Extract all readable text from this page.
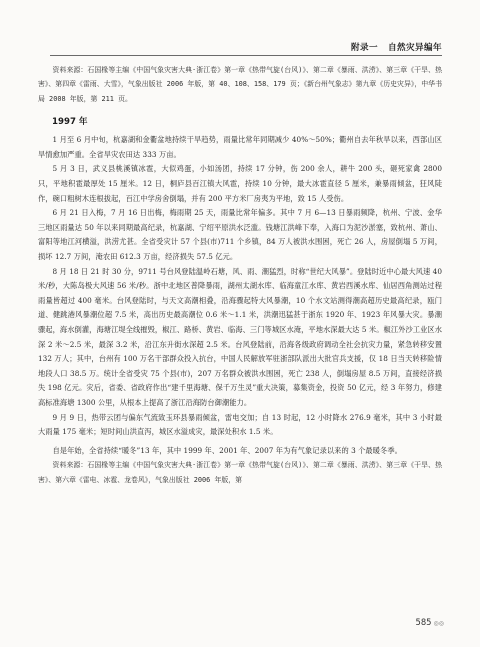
附录一 自然灾异编年

资料来源：石国椽等主编《中国气象灾害大典·浙江卷》第一章《热带气旋(台风)》、第二章《暴雨、洪涝》、第三章《干旱、热害》、第四章《雷雨、大雪》，气象出版社 2006 年版，第 40、108、158、179 页；《新台州气象志》第九章《历史灾异》，中华书局 2008 年版，第 211 页。

1997 年

1 月至 6 月中旬，杭嘉湖和金衢盆地持续干旱趋势，雨量比常年同期减少 40%～50%；衢州自去年秋旱以来，西部山区旱情愈加严重。全省旱灾农田达 333 万亩。

5 月 3 日，武义县桃溪镇冰雹，大似鸡蛋，小如汤团，持续 17 分钟，伤 200 余人，耕牛 200 头，砸死家禽 2800 只，平地积雹最厚处 15 厘米。12 日，桐庐县百江镇大风雹，持续 10 分钟，最大冰雹直径 5 厘米，兼暴雨倾盆，狂风陡作，碗口粗树木连根拔起，百江中学房舍倒塌，并有 200 平方米厂房夷为平地，致 15 人受伤。

6 月 21 日入梅，7 月 16 日出梅，梅雨期 25 天，雨量比常年偏多。其中 7 月 6—13 日暴雨频降，杭州、宁波、金华三地区雨量达 50 年以来同期最高纪录，杭嘉湖、宁绍平原洪水泛滥。钱塘江洪峰下奉，入海口为泥沙淤塞，致杭州、萧山、富阳等地江河横溢，洪涝尤甚。全省受灾计 57 个县(市)711 个乡镇，84 万人被洪水围困，死亡 26 人，房屋倒塌 5 万间，损坏 12.7 万间，淹农田 612.3 万亩，经济损失 57.5 亿元。

8 月 18 日 21 时 30 分，9711 号台风登陆温岭石塘，风、雨、潮猛烈，时称“世纪大风暴”。登陆时近中心最大风速 40 米/秒，大陈岛极大风速 56 米/秒。浙中北地区普降暴雨，湖州太湖水库、临海童江水库、黄岩西溪水库、仙居西角测站过程雨量皆超过 400 毫米。台风登陆时，与天文高潮相叠，沿海骤起特大风暴潮，10 个水文站测得潮高超历史最高纪录，瓯门道、健跳港风暴潮位超 7.5 米，高出历史最高潮位 0.6 米～1.1 米，洪潮迅猛甚于浙东 1920 年、1923 年风暴大灾。暴潮骤起，海水倒灌，海塘江堤全线摧毁，椒江、路桥、黄岩、临海、三门等城区水淹，平地水深最大达 5 米。椒江外沙工业区水深 2 米～2.5 米，最深 3.2 米，沿江东升街水深超 2.5 米。台风登陆前，沿海各级政府调动全社会抗灾力量，紧急转移安置 132 万人；其中，台州有 100 万名干部群众投入抗台，中国人民解放军驻浙部队派出大批官兵支援，仅 18 日当天转移险情地段人口 38.5 万。统计全省受灾 75 个县(市)，207 万名群众被洪水围困，死亡 238 人，倒塌房屋 8.5 万间，直接经济损失 198 亿元。灾后，省委、省政府作出“建千里海塘、保千万生灵”重大决策，募集资金，投资 50 亿元，经 3 年努力，修建高标准海塘 1300 公里，从根本上提高了浙江沿海防台御潮能力。

9 月 9 日，热带云团与偏东气流致玉环县暴雨倾盆，雷电交加；自 13 时起，12 小时降水 276.9 毫米，其中 3 小时最大雨量 175 毫米；短时间山洪直泻，城区水溢成灾，最深处积水 1.5 米。

自是年始，全省持续“暖冬”13 年，其中 1999 年、2001 年、2007 年为有气象记录以来的 3 个最暖冬季。

资料来源：石国椽等主编《中国气象灾害大典·浙江卷》第一章《热带气旋(台风)》、第二章《暴雨、洪涝》、第三章《干旱、热害》、第六章《雷电、冰雹、龙卷风》，气象出版社 2006 年版，第

585 ◎◎
